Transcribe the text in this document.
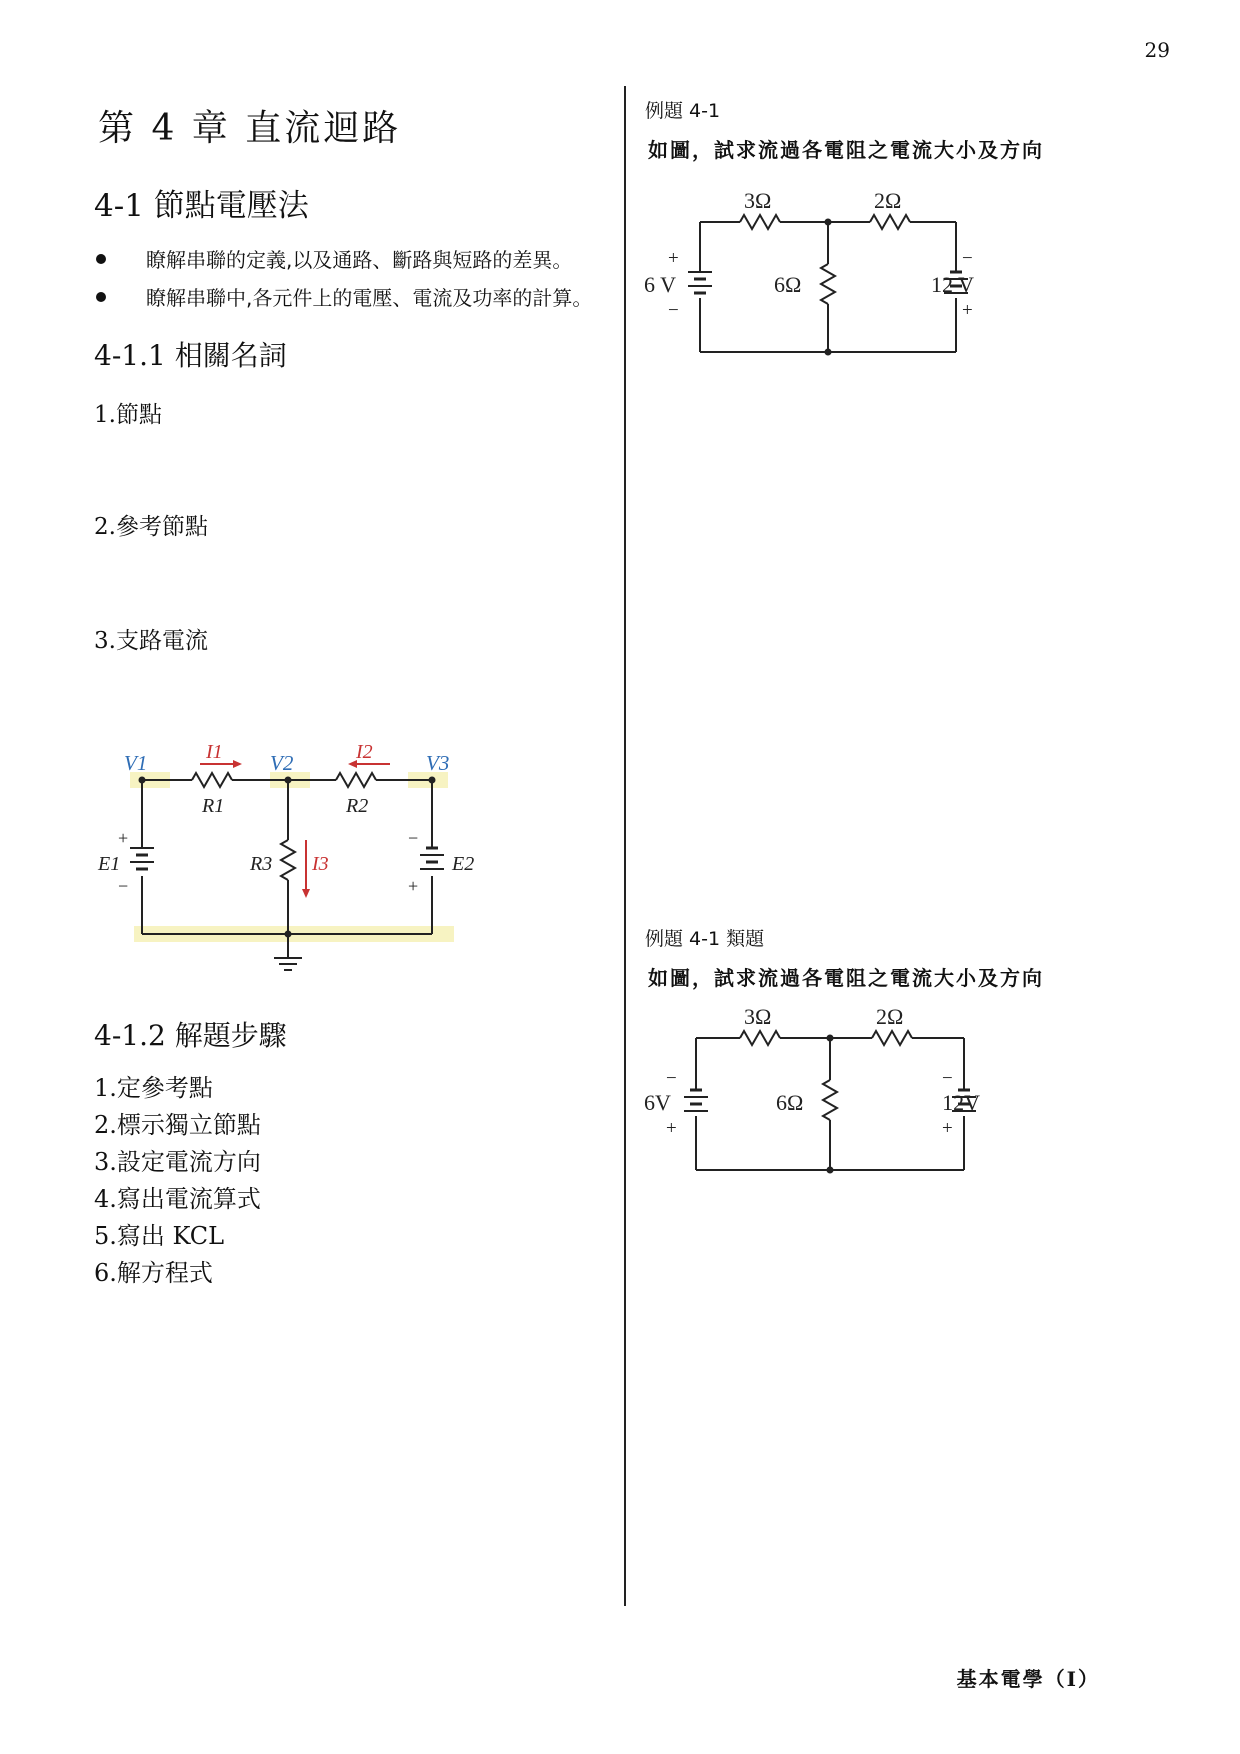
29
第 4 章 直流迴路
4-1 節點電壓法
瞭解串聯的定義,以及通路、斷路與短路的差異。
瞭解串聯中,各元件上的電壓、電流及功率的計算。
4-1.1 相關名詞
1.節點
2.參考節點
3.支路電流
V1	V2	V3
I1	I2
I3
R1	R2
R3
E1	E2
+
−
−
+
4-1.2 解題步驟
1.定參考點
2.標示獨立節點
3.設定電流方向
4.寫出電流算式
5.寫出 KCL
6.解方程式
例題 4-1
如圖，試求流過各電阻之電流大小及方向
3Ω	2Ω
6Ω
6 V	12 V
+
−
−
+
例題 4-1 類題
如圖，試求流過各電阻之電流大小及方向
3Ω	2Ω
6Ω
6V	12V
−
+
−
+
基本電學（I）
